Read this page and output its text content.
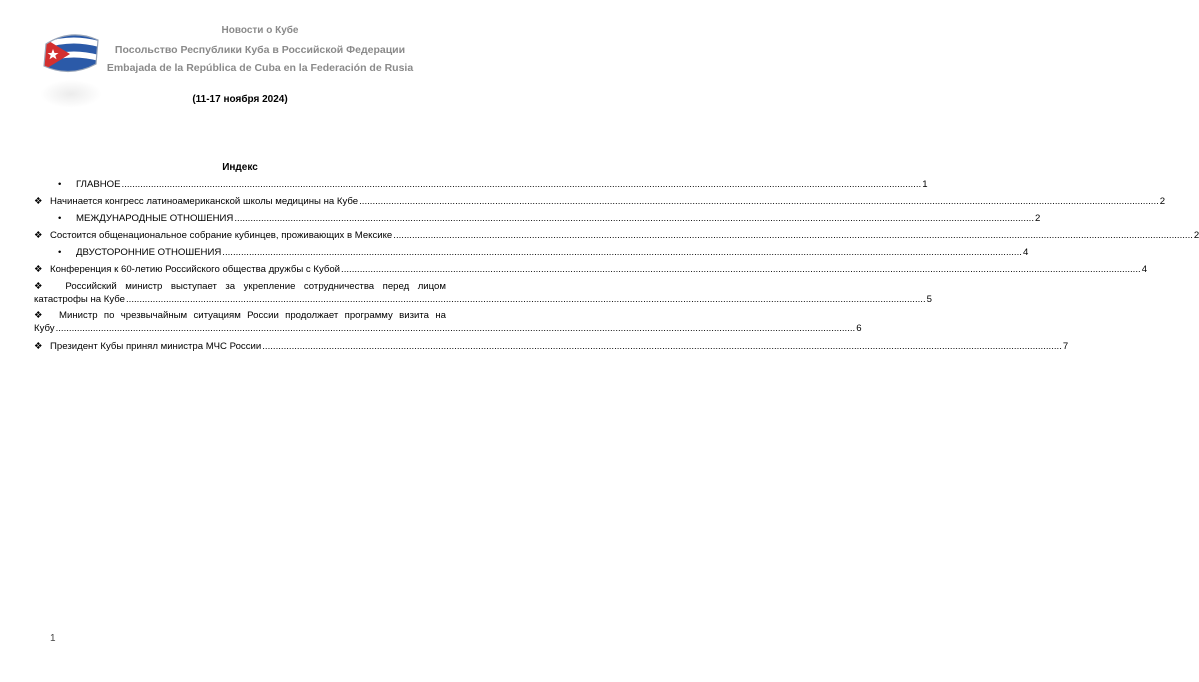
Новости о Кубе
Посольство Республики Куба в Российской Федерации
Embajada de la República de Cuba en la Federación de Rusia
(11-17 ноября 2024)
Индекс
•	ГЛАВНОЕ ............................................................................................................................................................................................................................................................................................................ 1
❖ Начинается конгресс латиноамериканской школы медицины на Кубе ............................................................................................................................................................................................................................................................................................................ 2
•	МЕЖДУНАРОДНЫЕ ОТНОШЕНИЯ ............................................................................................................................................................................................................................................................................................................ 2
❖ Состоится общенациональное собрание кубинцев, проживающих в Мексике ............................................................................................................................................................................................................................................................................................................ 2
•	ДВУСТОРОННИЕ ОТНОШЕНИЯ ............................................................................................................................................................................................................................................................................................................ 4
❖ Конференция к 60-летию Российского общества дружбы с Кубой ............................................................................................................................................................................................................................................................................................................ 4
❖ Российский министр выступает за укрепление сотрудничества перед лицом
катастрофы на Кубе ............................................................................................................................................................................................................................................................................................................ 5
❖ Министр по чрезвычайным ситуациям России продолжает программу визита на
Кубу ............................................................................................................................................................................................................................................................................................................ 6
❖ Президент Кубы принял министра МЧС России ............................................................................................................................................................................................................................................................................................................ 7
1
